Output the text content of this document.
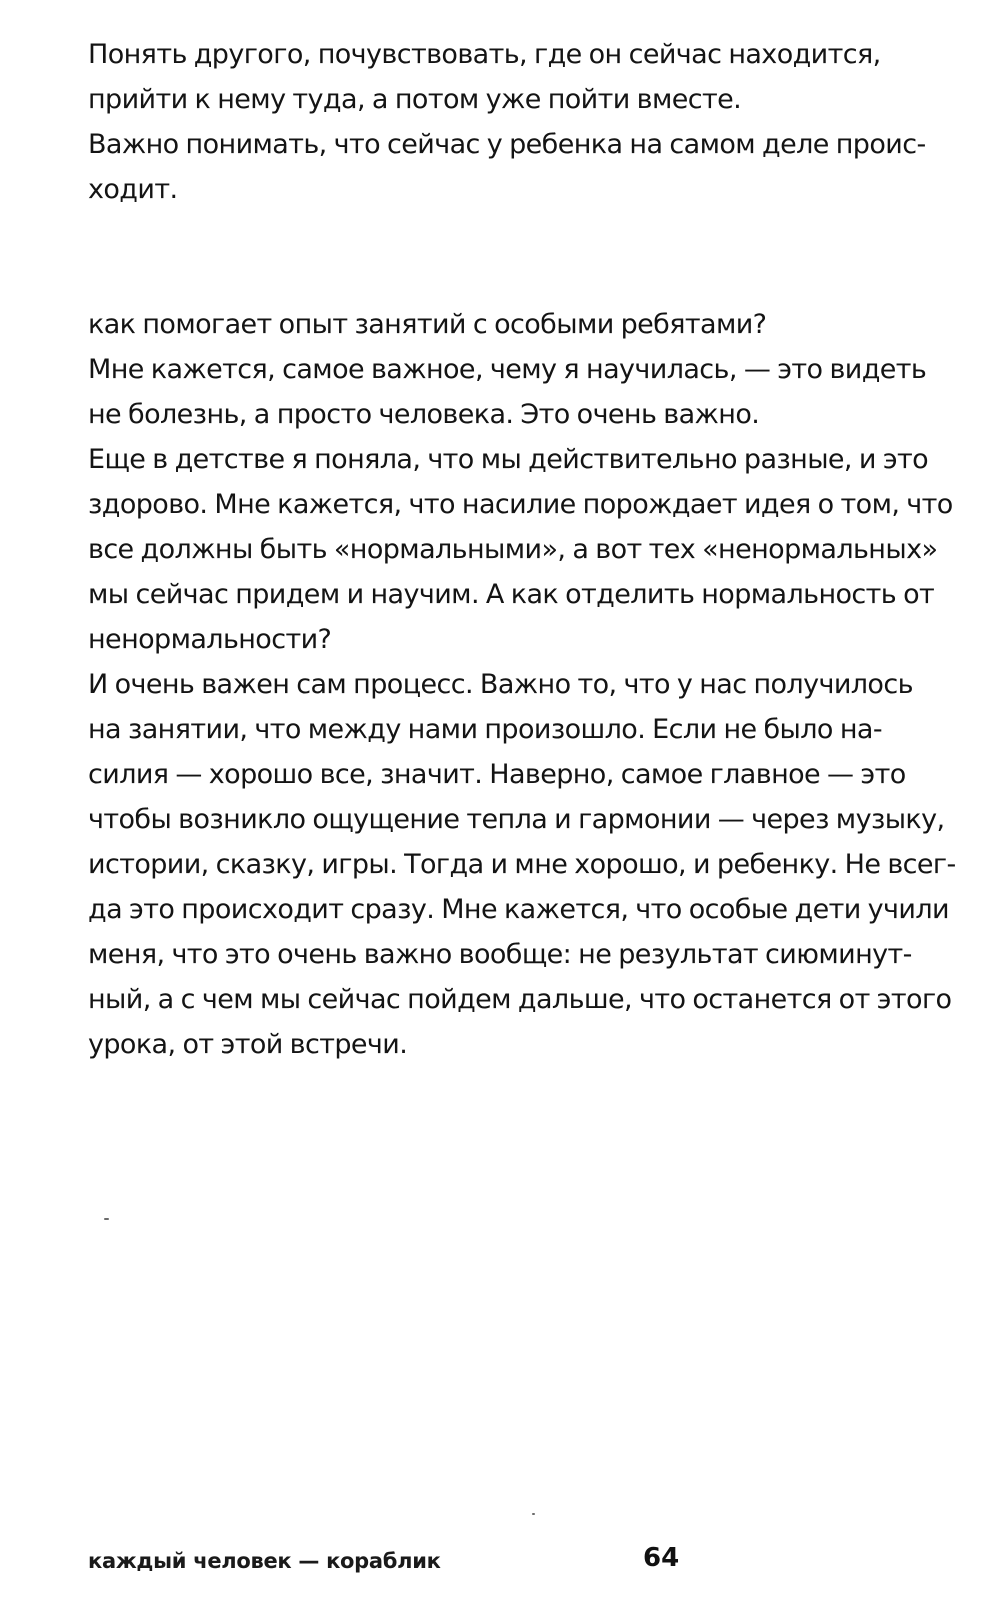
Понять другого, почувствовать, где он сейчас находится,
прийти к нему туда, а потом уже пойти вместе.
Важно понимать, что сейчас у ребенка на самом деле проис-
ходит.
как помогает опыт занятий с особыми ребятами?
Мне кажется, самое важное, чему я научилась, — это видеть
не болезнь, а просто человека. Это очень важно.
Еще в детстве я поняла, что мы действительно разные, и это
здорово. Мне кажется, что насилие порождает идея о том, что
все должны быть «нормальными», а вот тех «ненормальных»
мы сейчас придем и научим. А как отделить нормальность от
ненормальности?
И очень важен сам процесс. Важно то, что у нас получилось
на занятии, что между нами произошло. Если не было на-
силия — хорошо все, значит. Наверно, самое главное — это
чтобы возникло ощущение тепла и гармонии — через музыку,
истории, сказку, игры. Тогда и мне хорошо, и ребенку. Не всег-
да это происходит сразу. Мне кажется, что особые дети учили
меня, что это очень важно вообще: не результат сиюминут-
ный, а с чем мы сейчас пойдем дальше, что останется от этого
урока, от этой встречи.
каждый человек — кораблик	64
